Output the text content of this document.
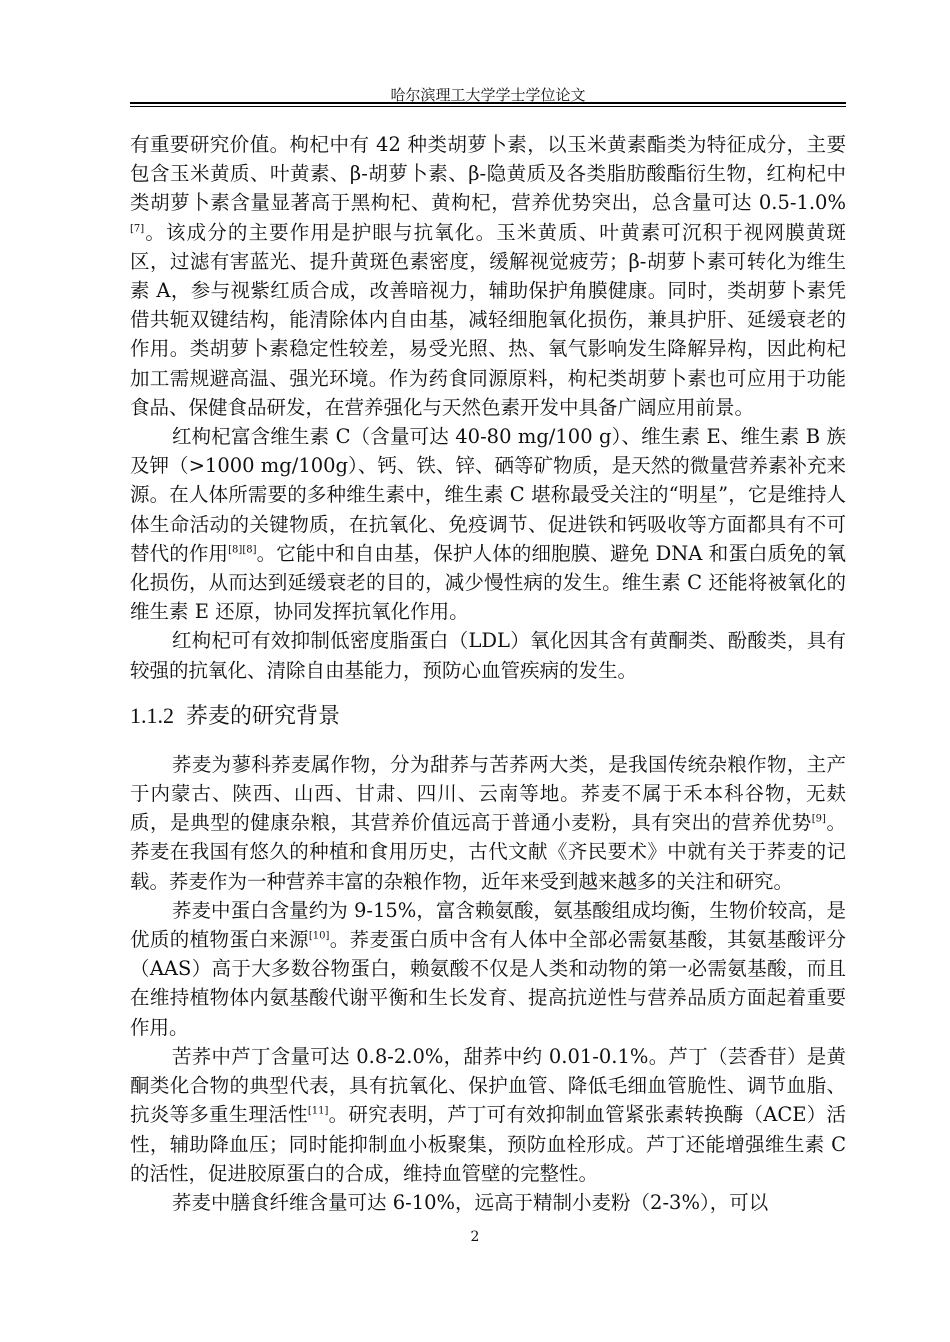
哈尔滨理工大学学士学位论文

有重要研究价值。枸杞中有 42 种类胡萝卜素，以玉米黄素酯类为特征成分，主要包含玉米黄质、叶黄素、β-胡萝卜素、β-隐黄质及各类脂肪酸酯衍生物，红枸杞中类胡萝卜素含量显著高于黑枸杞、黄枸杞，营养优势突出，总含量可达 0.5-1.0%[7]。该成分的主要作用是护眼与抗氧化。玉米黄质、叶黄素可沉积于视网膜黄斑区，过滤有害蓝光、提升黄斑色素密度，缓解视觉疲劳；β-胡萝卜素可转化为维生素 A，参与视紫红质合成，改善暗视力，辅助保护角膜健康。同时，类胡萝卜素凭借共轭双键结构，能清除体内自由基，减轻细胞氧化损伤，兼具护肝、延缓衰老的作用。类胡萝卜素稳定性较差，易受光照、热、氧气影响发生降解异构，因此枸杞加工需规避高温、强光环境。作为药食同源原料，枸杞类胡萝卜素也可应用于功能食品、保健食品研发，在营养强化与天然色素开发中具备广阔应用前景。

红枸杞富含维生素 C（含量可达 40-80 mg/100 g）、维生素 E、维生素 B 族及钾（>1000 mg/100g）、钙、铁、锌、硒等矿物质，是天然的微量营养素补充来源。在人体所需要的多种维生素中，维生素 C 堪称最受关注的“明星”，它是维持人体生命活动的关键物质，在抗氧化、免疫调节、促进铁和钙吸收等方面都具有不可替代的作用[8][8]。它能中和自由基，保护人体的细胞膜、避免 DNA 和蛋白质免的氧化损伤，从而达到延缓衰老的目的，减少慢性病的发生。维生素 C 还能将被氧化的维生素 E 还原，协同发挥抗氧化作用。

红枸杞可有效抑制低密度脂蛋白（LDL）氧化因其含有黄酮类、酚酸类，具有较强的抗氧化、清除自由基能力，预防心血管疾病的发生。

1.1.2 荞麦的研究背景

荞麦为蓼科荞麦属作物，分为甜荞与苦荞两大类，是我国传统杂粮作物，主产于内蒙古、陕西、山西、甘肃、四川、云南等地。荞麦不属于禾本科谷物，无麸质，是典型的健康杂粮，其营养价值远高于普通小麦粉，具有突出的营养优势[9]。荞麦在我国有悠久的种植和食用历史，古代文献《齐民要术》中就有关于荞麦的记载。荞麦作为一种营养丰富的杂粮作物，近年来受到越来越多的关注和研究。

荞麦中蛋白含量约为 9-15%，富含赖氨酸，氨基酸组成均衡，生物价较高，是优质的植物蛋白来源[10]。荞麦蛋白质中含有人体中全部必需氨基酸，其氨基酸评分（AAS）高于大多数谷物蛋白，赖氨酸不仅是人类和动物的第一必需氨基酸，而且在维持植物体内氨基酸代谢平衡和生长发育、提高抗逆性与营养品质方面起着重要作用。

苦荞中芦丁含量可达 0.8-2.0%，甜荞中约 0.01-0.1%。芦丁（芸香苷）是黄酮类化合物的典型代表，具有抗氧化、保护血管、降低毛细血管脆性、调节血脂、抗炎等多重生理活性[11]。研究表明，芦丁可有效抑制血管紧张素转换酶（ACE）活性，辅助降血压；同时能抑制血小板聚集，预防血栓形成。芦丁还能增强维生素 C 的活性，促进胶原蛋白的合成，维持血管壁的完整性。

荞麦中膳食纤维含量可达 6-10%，远高于精制小麦粉（2-3%），可以

2
